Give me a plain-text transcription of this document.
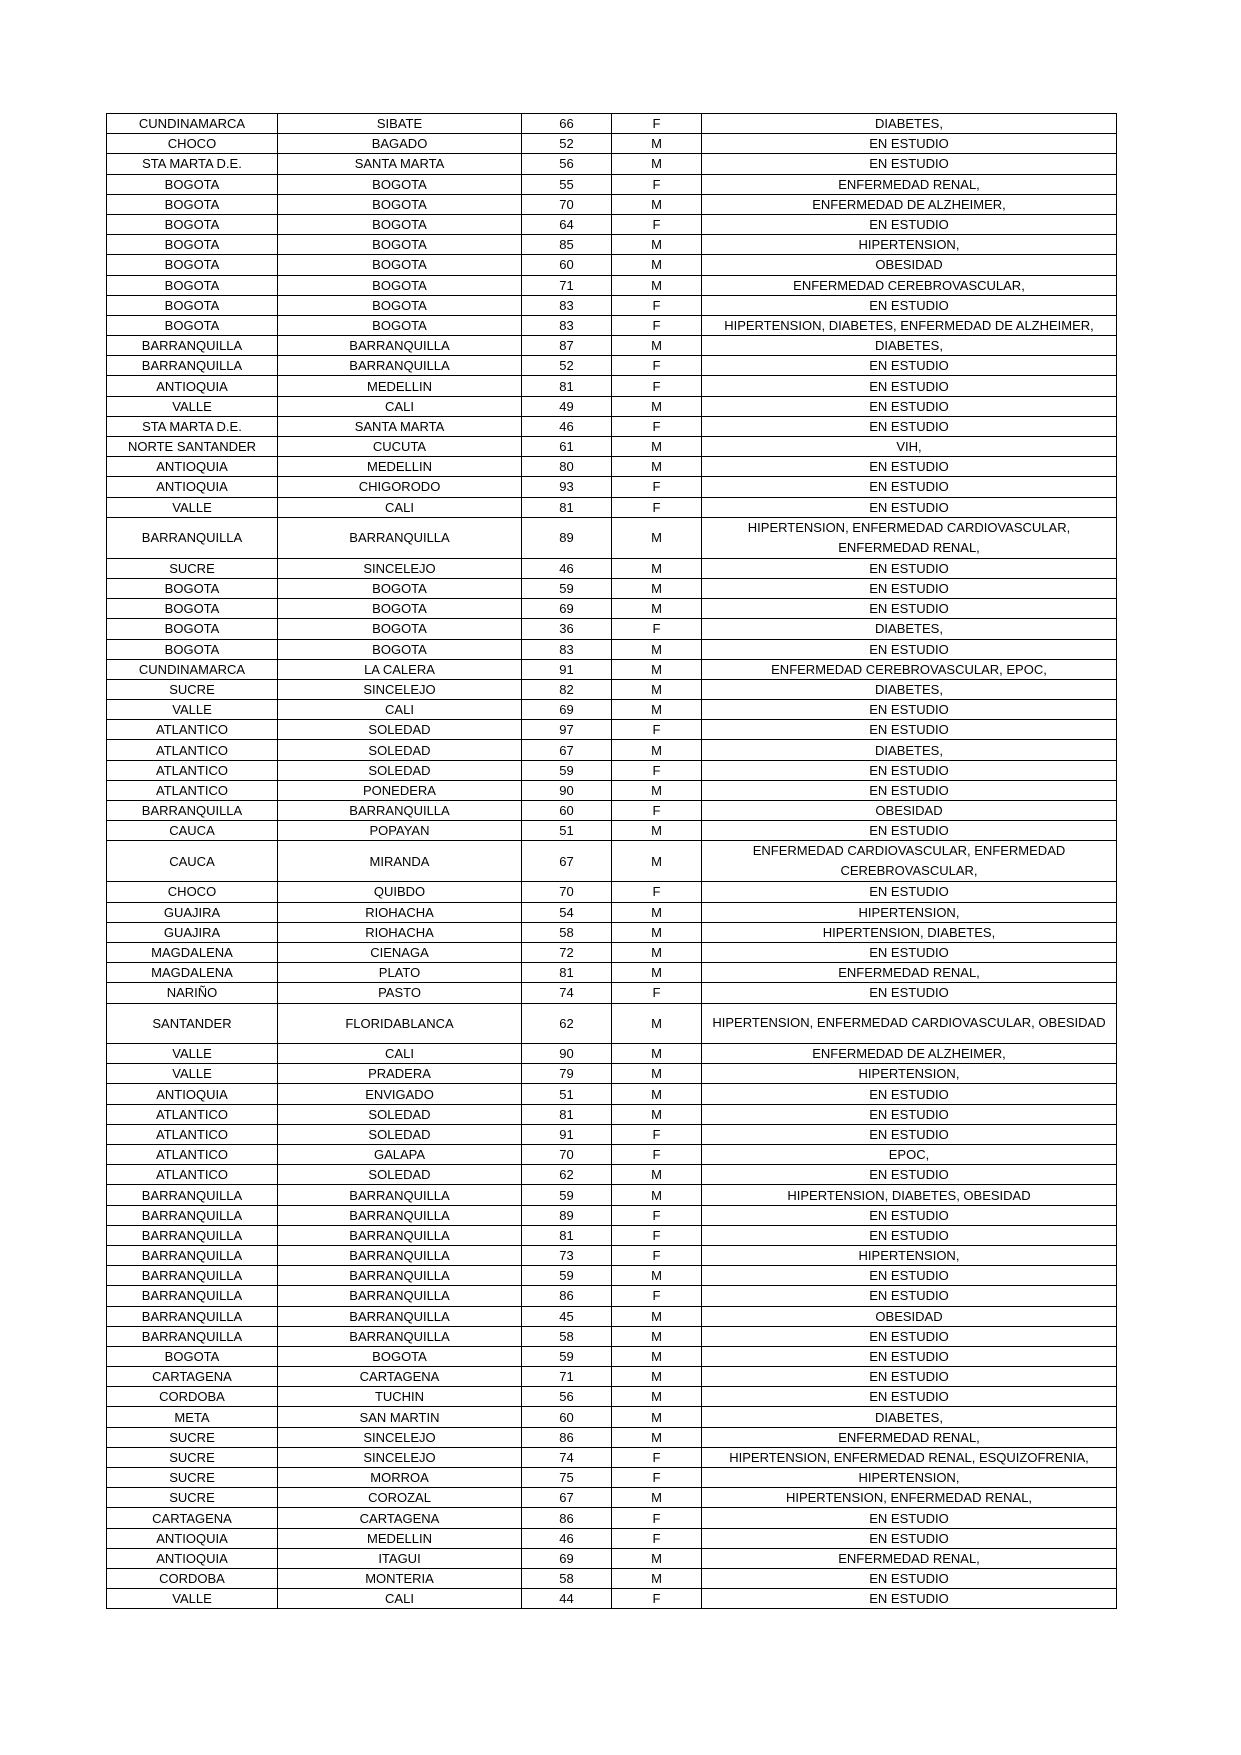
CUNDINAMARCA	SIBATE	66	F	DIABETES,
CHOCO	BAGADO	52	M	EN ESTUDIO
STA MARTA D.E.	SANTA MARTA	56	M	EN ESTUDIO
BOGOTA	BOGOTA	55	F	ENFERMEDAD RENAL,
BOGOTA	BOGOTA	70	M	ENFERMEDAD DE ALZHEIMER,
BOGOTA	BOGOTA	64	F	EN ESTUDIO
BOGOTA	BOGOTA	85	M	HIPERTENSION,
BOGOTA	BOGOTA	60	M	OBESIDAD
BOGOTA	BOGOTA	71	M	ENFERMEDAD CEREBROVASCULAR,
BOGOTA	BOGOTA	83	F	EN ESTUDIO
BOGOTA	BOGOTA	83	F	HIPERTENSION, DIABETES, ENFERMEDAD DE ALZHEIMER,
BARRANQUILLA	BARRANQUILLA	87	M	DIABETES,
BARRANQUILLA	BARRANQUILLA	52	F	EN ESTUDIO
ANTIOQUIA	MEDELLIN	81	F	EN ESTUDIO
VALLE	CALI	49	M	EN ESTUDIO
STA MARTA D.E.	SANTA MARTA	46	F	EN ESTUDIO
NORTE SANTANDER	CUCUTA	61	M	VIH,
ANTIOQUIA	MEDELLIN	80	M	EN ESTUDIO
ANTIOQUIA	CHIGORODO	93	F	EN ESTUDIO
VALLE	CALI	81	F	EN ESTUDIO
BARRANQUILLA	BARRANQUILLA	89	M	HIPERTENSION, ENFERMEDAD CARDIOVASCULAR, ENFERMEDAD RENAL,
SUCRE	SINCELEJO	46	M	EN ESTUDIO
BOGOTA	BOGOTA	59	M	EN ESTUDIO
BOGOTA	BOGOTA	69	M	EN ESTUDIO
BOGOTA	BOGOTA	36	F	DIABETES,
BOGOTA	BOGOTA	83	M	EN ESTUDIO
CUNDINAMARCA	LA CALERA	91	M	ENFERMEDAD CEREBROVASCULAR, EPOC,
SUCRE	SINCELEJO	82	M	DIABETES,
VALLE	CALI	69	M	EN ESTUDIO
ATLANTICO	SOLEDAD	97	F	EN ESTUDIO
ATLANTICO	SOLEDAD	67	M	DIABETES,
ATLANTICO	SOLEDAD	59	F	EN ESTUDIO
ATLANTICO	PONEDERA	90	M	EN ESTUDIO
BARRANQUILLA	BARRANQUILLA	60	F	OBESIDAD
CAUCA	POPAYAN	51	M	EN ESTUDIO
CAUCA	MIRANDA	67	M	ENFERMEDAD CARDIOVASCULAR, ENFERMEDAD CEREBROVASCULAR,
CHOCO	QUIBDO	70	F	EN ESTUDIO
GUAJIRA	RIOHACHA	54	M	HIPERTENSION,
GUAJIRA	RIOHACHA	58	M	HIPERTENSION, DIABETES,
MAGDALENA	CIENAGA	72	M	EN ESTUDIO
MAGDALENA	PLATO	81	M	ENFERMEDAD RENAL,
NARIÑO	PASTO	74	F	EN ESTUDIO
SANTANDER	FLORIDABLANCA	62	M	HIPERTENSION, ENFERMEDAD CARDIOVASCULAR, OBESIDAD
VALLE	CALI	90	M	ENFERMEDAD DE ALZHEIMER,
VALLE	PRADERA	79	M	HIPERTENSION,
ANTIOQUIA	ENVIGADO	51	M	EN ESTUDIO
ATLANTICO	SOLEDAD	81	M	EN ESTUDIO
ATLANTICO	SOLEDAD	91	F	EN ESTUDIO
ATLANTICO	GALAPA	70	F	EPOC,
ATLANTICO	SOLEDAD	62	M	EN ESTUDIO
BARRANQUILLA	BARRANQUILLA	59	M	HIPERTENSION, DIABETES, OBESIDAD
BARRANQUILLA	BARRANQUILLA	89	F	EN ESTUDIO
BARRANQUILLA	BARRANQUILLA	81	F	EN ESTUDIO
BARRANQUILLA	BARRANQUILLA	73	F	HIPERTENSION,
BARRANQUILLA	BARRANQUILLA	59	M	EN ESTUDIO
BARRANQUILLA	BARRANQUILLA	86	F	EN ESTUDIO
BARRANQUILLA	BARRANQUILLA	45	M	OBESIDAD
BARRANQUILLA	BARRANQUILLA	58	M	EN ESTUDIO
BOGOTA	BOGOTA	59	M	EN ESTUDIO
CARTAGENA	CARTAGENA	71	M	EN ESTUDIO
CORDOBA	TUCHIN	56	M	EN ESTUDIO
META	SAN MARTIN	60	M	DIABETES,
SUCRE	SINCELEJO	86	M	ENFERMEDAD RENAL,
SUCRE	SINCELEJO	74	F	HIPERTENSION, ENFERMEDAD RENAL, ESQUIZOFRENIA,
SUCRE	MORROA	75	F	HIPERTENSION,
SUCRE	COROZAL	67	M	HIPERTENSION, ENFERMEDAD RENAL,
CARTAGENA	CARTAGENA	86	F	EN ESTUDIO
ANTIOQUIA	MEDELLIN	46	F	EN ESTUDIO
ANTIOQUIA	ITAGUI	69	M	ENFERMEDAD RENAL,
CORDOBA	MONTERIA	58	M	EN ESTUDIO
VALLE	CALI	44	F	EN ESTUDIO
